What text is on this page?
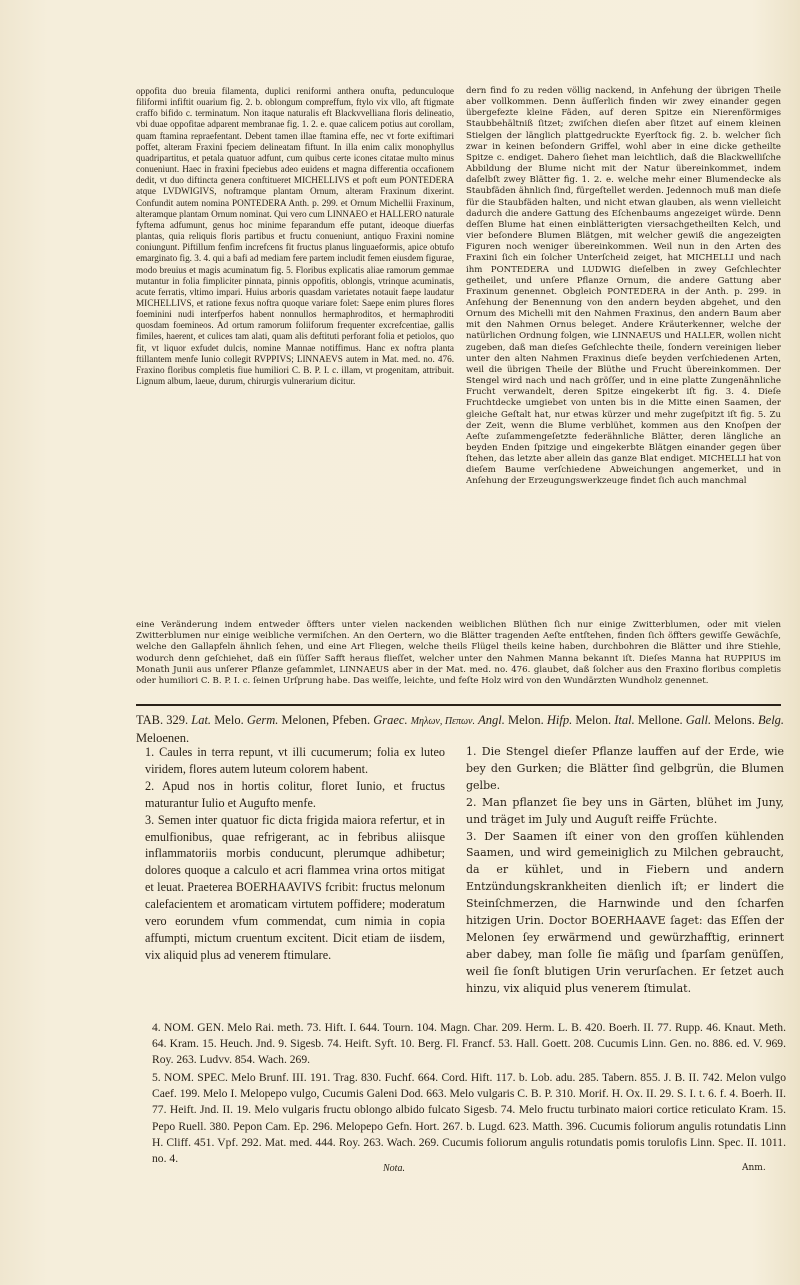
oppofita duo breuia filamenta, duplici reniformi anthera onufta, pedunculoque filiformi infiftit ouarium fig. 2. b. oblongum compreffum, ftylo vix vllo, aft ftigmate craffo bifido c. terminatum. Non itaque naturalis eft Blackvvelliana floris delineatio, vbi duae oppofitae adparent membranae fig. 1. 2. e. quae calicem potius aut corollam, quam ftamina repraefentant. Debent tamen illae ftamina effe, nec vt forte exiftimari poffet, alteram Fraxini fpeciem delineatam fiftunt. In illa enim calix monophyllus quadripartitus, et petala quatuor adfunt, cum quibus certe icones citatae multo minus conueniunt. Haec in fraxini fpeciebus adeo euidens et magna differentia occafionem dedit, vt duo diftincta genera conftitueret MICHELLIVS et poft eum PONTEDERA atque LVDWIGIVS, noftramque plantam Ornum, alteram Fraxinum dixerint. Confundit autem nomina PONTEDERA Anth. p. 299. et Ornum Michellii Fraxinum, alteramque plantam Ornum nominat. Qui vero cum LINNAEO et HALLERO naturale fyftema adfumunt, genus hoc minime feparandum effe putant, ideoque diuerfas plantas, quia reliquis floris partibus et fructu conueniunt, antiquo Fraxini nomine coniungunt. Piftillum fenfim increfcens fit fructus planus linguaeformis, apice obtufo emarginato fig. 3. 4. qui a bafi ad mediam fere partem includit femen eiusdem figurae, modo breuius et magis acuminatum fig. 5. Floribus explicatis aliae ramorum gemmae mutantur in folia fimpliciter pinnata, pinnis oppofitis, oblongis, vtrinque acuminatis, acute ferratis, vltimo impari. Huius arboris quasdam varietates notauit faepe laudatur MICHELLIVS, et ratione fexus noftra quoque variare folet: Saepe enim plures flores foeminini nudi interfperfos habent nonnullos hermaphroditos, et hermaphroditi quosdam foemineos. Ad ortum ramorum foliiforum frequenter excrefcentiae, gallis fimiles, haerent, et culices tam alati, quam alis deftituti perforant folia et petiolos, quo fit, vt liquor exfudet dulcis, nomine Mannae notiffimus. Hanc ex noftra planta ftillantem menfe Iunio collegit RVPPIVS; LINNAEVS autem in Mat. med. no. 476. Fraxino floribus completis fiue humiliori C. B. P. I. c. illam, vt progenitam, attribuit. Lignum album, laeue, durum, chirurgis vulnerarium dicitur.
dern find fo zu reden völlig nackend, in Anfehung der übrigen Theile aber vollkommen. Denn äuſſerlich finden wir zwey einander gegen übergefezte kleine Fäden, auf deren Spitze ein Nierenförmiges Staubbehältniß ſitzet; zwiſchen dieſen aber ſitzet auf einem kleinen Stielgen der länglich plattgedruckte Eyerſtock fig. 2. b. welcher ſich zwar in keinen beſondern Griffel, wohl aber in eine dicke getheilte Spitze c. endiget. Dahero ſiehet man leichtlich, daß die Blackwelliſche Abbildung der Blume nicht mit der Natur übereinkommet, indem daſelbſt zwey Blätter fig. 1. 2. e. welche mehr einer Blumendecke als Staubfäden ähnlich ſind, fürgeſtellet werden. Jedennoch muß man dieſe für die Staubfäden halten, und nicht etwan glauben, als wenn vielleicht dadurch die andere Gattung des Eſchenbaums angezeiget würde. Denn deſſen Blume hat einen einblätterigten viersachgetheilten Kelch, und vier beſondere Blumen Blätgen, mit welcher gewiß die angezeigten Figuren noch weniger übereinkommen. Weil nun in den Arten des Fraxini ſich ein ſolcher Unterſcheid zeiget, hat MICHELLI und nach ihm PONTEDERA und LUDWIG dieſelben in zwey Geſchlechter getheilet, und unſere Pflanze Ornum, die andere Gattung aber Fraxinum genennet. Obgleich PONTEDERA in der Anth. p. 299. in Anſehung der Benennung von den andern beyden abgehet, und den Ornum des Michelli mit den Nahmen Fraxinus, den andern Baum aber mit den Nahmen Ornus beleget. Andere Kräuterkenner, welche der natürlichen Ordnung folgen, wie LINNAEUS und HALLER, wollen nicht zugeben, daß man dieſes Geſchlechte theile, ſondern vereinigen lieber unter den alten Nahmen Fraxinus dieſe beyden verſchiedenen Arten, weil die übrigen Theile der Blüthe und Frucht übereinkommen. Der Stengel wird nach und nach gröſſer, und in eine platte Zungenähnliche Frucht verwandelt, deren Spitze eingekerbt iſt fig. 3. 4. Dieſe Fruchtdecke umgiebet von unten bis in die Mitte einen Saamen, der gleiche Geſtalt hat, nur etwas kürzer und mehr zugeſpitzt iſt fig. 5. Zu der Zeit, wenn die Blume verblühet, kommen aus den Knoſpen der Aeſte zuſammengeſetzte federähnliche Blätter, deren längliche an beyden Enden ſpitzige und eingekerbte Blätgen einander gegen über ſtehen, das letzte aber allein das ganze Blat endiget. MICHELLI hat von dieſem Baume verſchiedene Abweichungen angemerket, und in Anſehung der Erzeugungswerkzeuge findet ſich auch manchmal
eine Veränderung indem entweder öffters unter vielen nackenden weiblichen Blüthen ſich nur einige Zwitterblumen, oder mit vielen Zwitterblumen nur einige weibliche vermiſchen. An den Oertern, wo die Blätter tragenden Aeſte entſtehen, finden ſich öffters gewiſſe Gewächſe, welche den Gallapfeln ähnlich ſehen, und eine Art Fliegen, welche theils Flügel theils keine haben, durchbohren die Blätter und ihre Stiehle, wodurch denn geſchiehet, daß ein ſüſſer Safft heraus flieſſet, welcher unter den Nahmen Manna bekannt iſt. Dieſes Manna hat RUPPIUS im Monath Junii aus unſerer Pflanze geſammlet, LINNAEUS aber in der Mat. med. no. 476. glaubet, daß ſolcher aus den Fraxino floribus completis oder humiliori C. B. P. I. c. ſeinen Urſprung habe. Das weiſſe, leichte, und feſte Holz wird von den Wundärzten Wundholz genennet.
TAB. 329. Lat. Melo. Germ. Melonen, Pfeben. Graec. Μηλων, Πεπων. Angl. Melon. Hifp. Melon. Ital. Mellone. Gall. Melons. Belg. Meloenen.

1. Caules in terra repunt, vt illi cucumerum; folia ex luteo viridem, flores autem luteum colorem habent.

2. Apud nos in hortis colitur, floret Iunio, et fructus maturantur Iulio et Augufto menfe.

3. Semen inter quatuor fic dicta frigida maiora refertur, et in emulfionibus, quae refrigerant, ac in febribus aliisque inflammatoriis morbis conducunt, plerumque adhibetur; dolores quoque a calculo et acri flammea vrina ortos mitigat et leuat. Praeterea BOERHAAVIVS fcribit: fructus melonum calefacientem et aromaticam virtutem poffidere; moderatum vero eorundem vfum commendat, cum nimia in copia affumpti, mictum cruentum excitent. Dicit etiam de iisdem, vix aliquid plus ad venerem ftimulare.

1. Die Stengel dieſer Pflanze lauffen auf der Erde, wie bey den Gurken; die Blätter ſind gelbgrün, die Blumen gelbe.

2. Man pflanzet ſie bey uns in Gärten, blühet im Juny, und träget im July und Auguſt reiffe Früchte.

3. Der Saamen iſt einer von den groſſen kühlenden Saamen, und wird gemeiniglich zu Milchen gebraucht, da er kühlet, und in Fiebern und andern Entzündungskrankheiten dienlich iſt; er lindert die Steinſchmerzen, die Harnwinde und den ſcharfen hitzigen Urin. Doctor BOERHAAVE ſaget: das Eſſen der Melonen ſey erwärmend und gewürzhafftig, erinnert aber dabey, man ſolle ſie mäſig und ſparſam genüſſen, weil ſie ſonſt blutigen Urin verurſachen. Er ſetzet auch hinzu, vix aliquid plus venerem ſtimulat.

4. NOM. GEN. Melo Rai. meth. 73. Hift. I. 644. Tourn. 104. Magn. Char. 209. Herm. L. B. 420. Boerh. II. 77. Rupp. 46. Knaut. Meth. 64. Kram. 15. Heuch. Jnd. 9. Sigesb. 74. Heift. Syft. 10. Berg. Fl. Francf. 53. Hall. Goett. 208. Cucumis Linn. Gen. no. 886. ed. V. 969. Roy. 263. Ludvv. 854. Wach. 269.
5. NOM. SPEC. Melo Brunf. III. 191. Trag. 830. Fuchf. 664. Cord. Hift. 117. b. Lob. adu. 285. Tabern. 855. J. B. II. 742. Melon vulgo Caef. 199. Melo I. Melopepo vulgo, Cucumis Galeni Dod. 663. Melo vulgaris C. B. P. 310. Morif. H. Ox. II. 29. S. I. t. 6. f. 4. Boerh. II. 77. Heift. Jnd. II. 19. Melo vulgaris fructu oblongo albido fulcato Sigesb. 74. Melo fructu turbinato maiori cortice reticulato Kram. 15. Pepo Ruell. 380. Pepon Cam. Ep. 296. Melopepo Gefn. Hort. 267. b. Lugd. 623. Matth. 396. Cucumis foliorum angulis rotundatis Linn H. Cliff. 451. Vpf. 292. Mat. med. 444. Roy. 263. Wach. 269. Cucumis foliorum angulis rotundatis pomis torulofis Linn. Spec. II. 1011. no. 4.
Nota.	Anm.
